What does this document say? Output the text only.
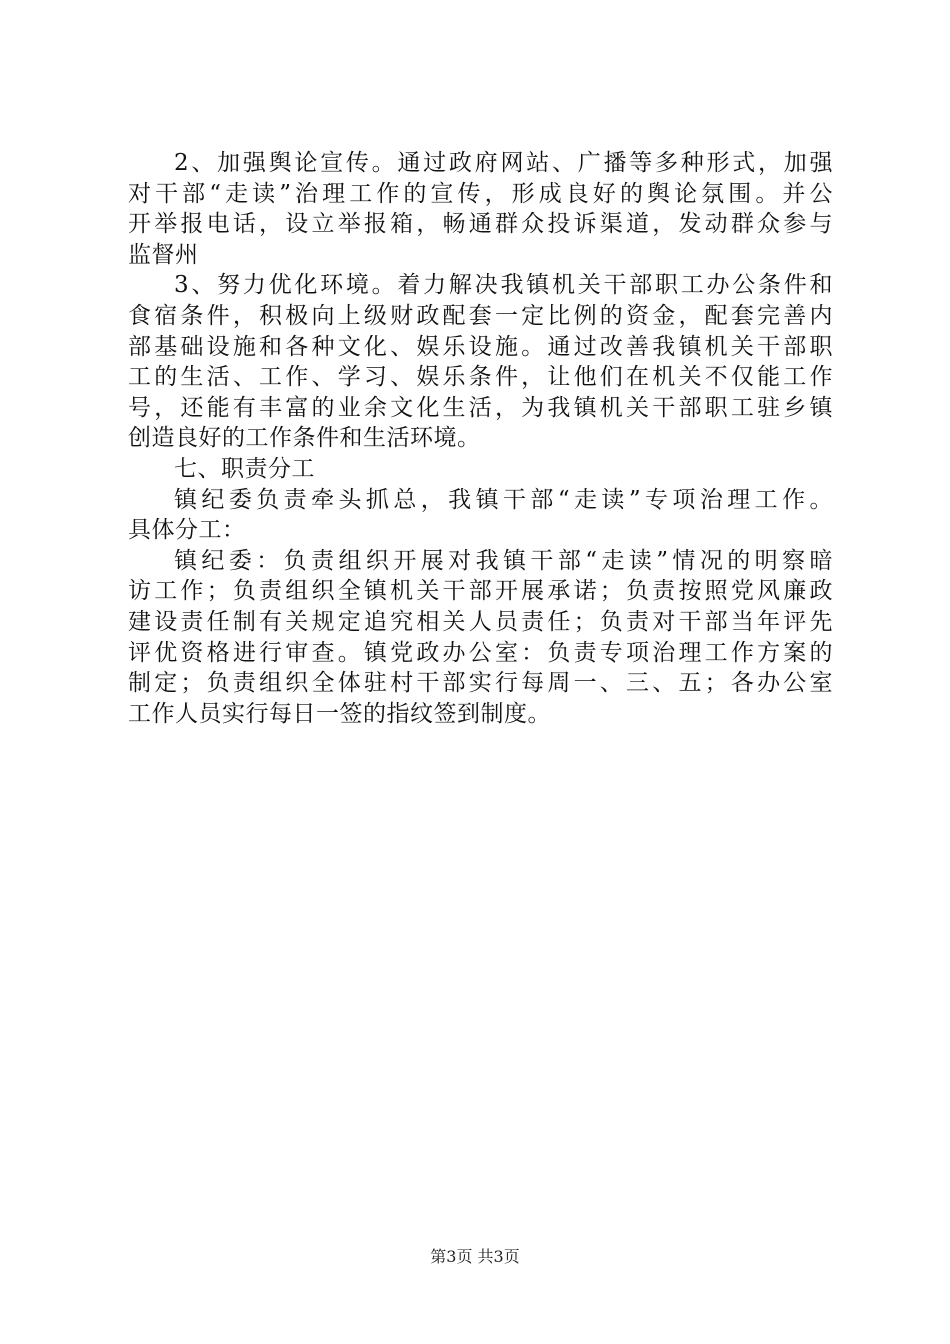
2、加强舆论宣传。通过政府网站、广播等多种形式，加强
对干部“走读”治理工作的宣传，形成良好的舆论氛围。并公
开举报电话，设立举报箱，畅通群众投诉渠道，发动群众参与
监督州
3、努力优化环境。着力解决我镇机关干部职工办公条件和
食宿条件，积极向上级财政配套一定比例的资金，配套完善内
部基础设施和各种文化、娱乐设施。通过改善我镇机关干部职
工的生活、工作、学习、娱乐条件，让他们在机关不仅能工作
号，还能有丰富的业余文化生活，为我镇机关干部职工驻乡镇
创造良好的工作条件和生活环境。
七、职责分工
镇纪委负责牵头抓总，我镇干部“走读”专项治理工作。
具体分工：
镇纪委：负责组织开展对我镇干部“走读”情况的明察暗
访工作；负责组织全镇机关干部开展承诺；负责按照党风廉政
建设责任制有关规定追究相关人员责任；负责对干部当年评先
评优资格进行审查。镇党政办公室：负责专项治理工作方案的
制定；负责组织全体驻村干部实行每周一、三、五；各办公室
工作人员实行每日一签的指纹签到制度。
第3页 共3页
